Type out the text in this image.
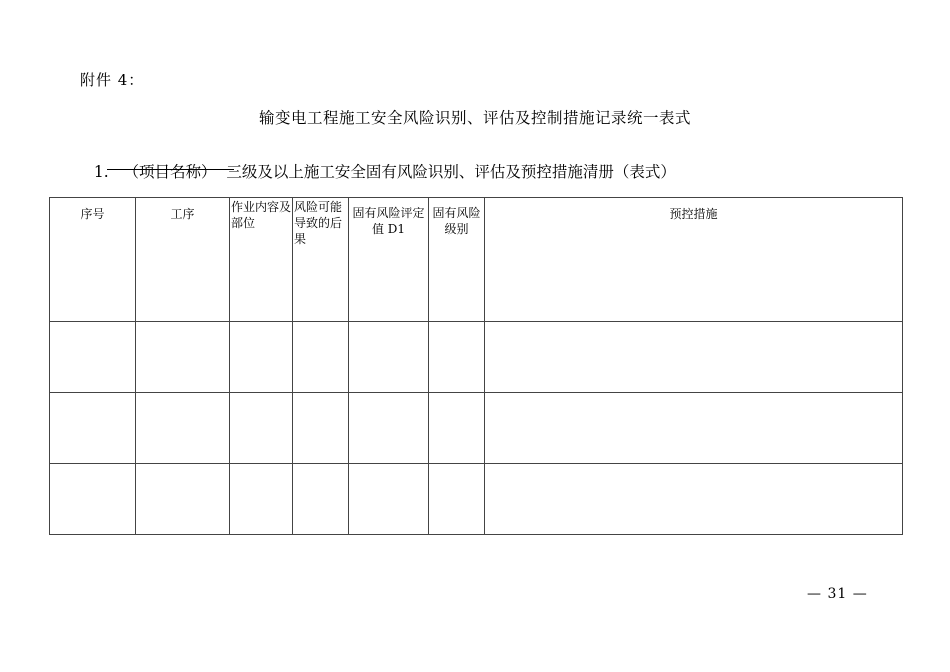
附件 4：
输变电工程施工安全风险识别、评估及控制措施记录统一表式

1. （项目名称） 三级及以上施工安全固有风险识别、评估及预控措施清册（表式）

序号	工序	作业内容及部位	风险可能导致的后果	固有风险评定值 D1	固有风险级别	预控措施

— 31 —
